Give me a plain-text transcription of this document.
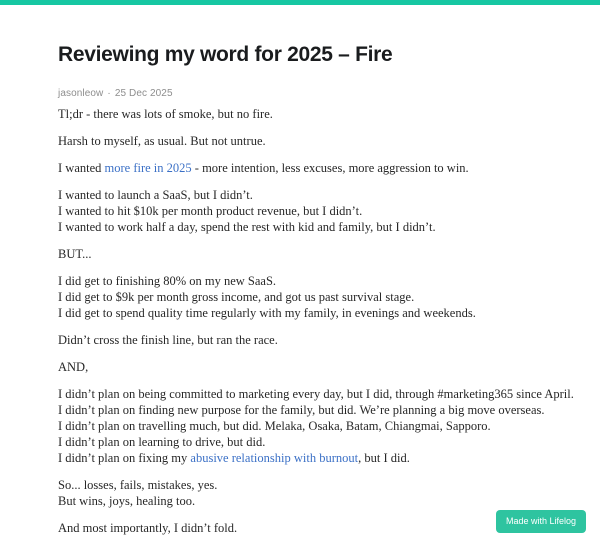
Reviewing my word for 2025 – Fire
jasonleow · 25 Dec 2025
Tl;dr - there was lots of smoke, but no fire.
Harsh to myself, as usual. But not untrue.
I wanted more fire in 2025 - more intention, less excuses, more aggression to win.
I wanted to launch a SaaS, but I didn’t.
I wanted to hit $10k per month product revenue, but I didn’t.
I wanted to work half a day, spend the rest with kid and family, but I didn’t.
BUT...
I did get to finishing 80% on my new SaaS.
I did get to $9k per month gross income, and got us past survival stage.
I did get to spend quality time regularly with my family, in evenings and weekends.
Didn’t cross the finish line, but ran the race.
AND,
I didn’t plan on being committed to marketing every day, but I did, through #marketing365 since April.
I didn’t plan on finding new purpose for the family, but did. We’re planning a big move overseas.
I didn’t plan on travelling much, but did. Melaka, Osaka, Batam, Chiangmai, Sapporo.
I didn’t plan on learning to drive, but did.
I didn’t plan on fixing my abusive relationship with burnout, but I did.
So... losses, fails, mistakes, yes.
But wins, joys, healing too.
And most importantly, I didn’t fold.
Made with Lifelog
